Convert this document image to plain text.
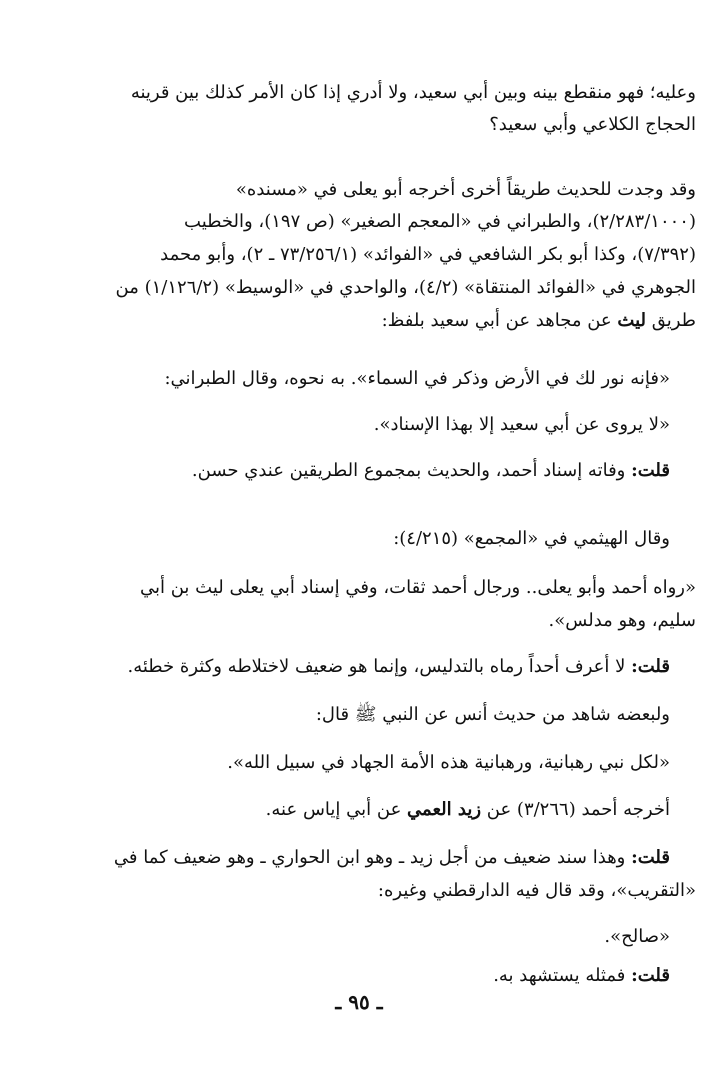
وعليه؛ فهو منقطع بينه وبين أبي سعيد، ولا أدري إذا كان الأمر كذلك بين قرينه
الحجاج الكلاعي وأبي سعيد؟
وقد وجدت للحديث طريقاً أخرى أخرجه أبو يعلى في «مسنده»
(٢/٢٨٣/١٠٠٠)، والطبراني في «المعجم الصغير» (ص ١٩٧)، والخطيب
(٧/٣٩٢)، وكذا أبو بكر الشافعي في «الفوائد» (٧٣/٢٥٦/١ ـ ٢)، وأبو محمد
الجوهري في «الفوائد المنتقاة» (٤/٢)، والواحدي في «الوسيط» (١/١٢٦/٢) من
طريق ليث عن مجاهد عن أبي سعيد بلفظ:
«فإنه نور لك في الأرض وذكر في السماء». به نحوه، وقال الطبراني:
«لا يروى عن أبي سعيد إلا بهذا الإسناد».
قلت: وفاته إسناد أحمد، والحديث بمجموع الطريقين عندي حسن.
وقال الهيثمي في «المجمع» (٤/٢١٥):
«رواه أحمد وأبو يعلى.. ورجال أحمد ثقات، وفي إسناد أبي يعلى ليث بن أبي
سليم، وهو مدلس».
قلت: لا أعرف أحداً رماه بالتدليس، وإنما هو ضعيف لاختلاطه وكثرة خطئه.
ولبعضه شاهد من حديث أنس عن النبي ﷺ قال:
«لكل نبي رهبانية، ورهبانية هذه الأمة الجهاد في سبيل الله».
أخرجه أحمد (٣/٢٦٦) عن زيد العمي عن أبي إياس عنه.
قلت: وهذا سند ضعيف من أجل زيد ـ وهو ابن الحواري ـ وهو ضعيف كما في
«التقريب»، وقد قال فيه الدارقطني وغيره:
«صالح».
قلت: فمثله يستشهد به.
ـ ٩٥ ـ
